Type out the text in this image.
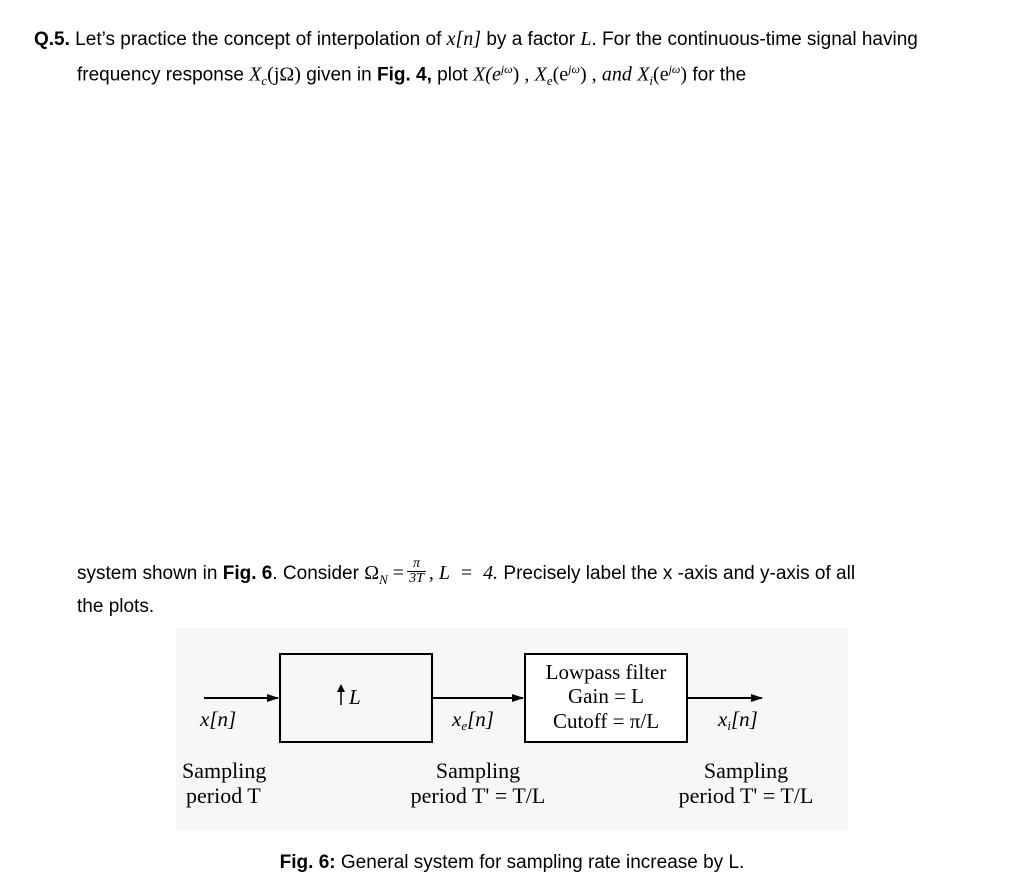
Q.5. Let’s practice the concept of interpolation of x[n] by a factor L. For the continuous-time signal having
frequency response $X_c(j\Omega)$ given in Fig. 4, plot $X(e^{j\omega})$ , $X_e(e^{j\omega})$ , and $X_i(e^{j\omega})$ for the
system shown in Fig. 6. Consider $\Omega_N = \frac{\pi}{3T}$ , L  =  4. Precisely label the x -axis and y-axis of all
the plots.
x[n]
L
xe[n]
Lowpass filter
Gain = L
Cutoff = π/L	xi[n]
Sampling
period T
Sampling
period T' = T/L
Sampling
period T' = T/L
Fig. 6: General system for sampling rate increase by L.
